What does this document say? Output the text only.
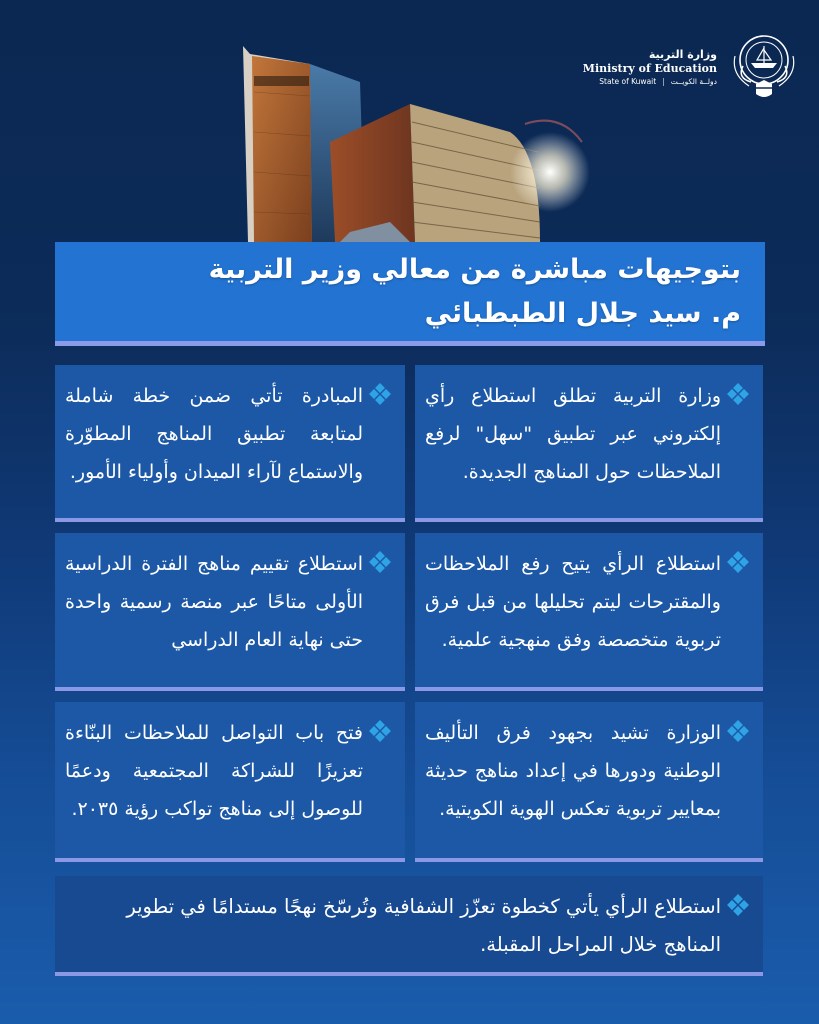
وزارة التربية
Ministry of Education
State of Kuwait | دولــة الكويــت
بتوجيهات مباشرة من معالي وزير التربية
م. سيد جلال الطبطبائي
وزارة التربية تطلق استطلاع رأي إلكتروني عبر تطبيق "سهل" لرفع الملاحظات حول المناهج الجديدة.
المبادرة تأتي ضمن خطة شاملة لمتابعة تطبيق المناهج المطوّرة والاستماع لآراء الميدان وأولياء الأمور.
استطلاع الرأي يتيح رفع الملاحظات والمقترحات ليتم تحليلها من قبل فرق تربوية متخصصة وفق منهجية علمية.
استطلاع تقييم مناهج الفترة الدراسية الأولى متاحًا عبر منصة رسمية واحدة حتى نهاية العام الدراسي
الوزارة تشيد بجهود فرق التأليف الوطنية ودورها في إعداد مناهج حديثة بمعايير تربوية تعكس الهوية الكويتية.
فتح باب التواصل للملاحظات البنّاءة تعزيزًا للشراكة المجتمعية ودعمًا للوصول إلى مناهج تواكب رؤية ٢٠٣٥.
استطلاع الرأي يأتي كخطوة تعزّز الشفافية وتُرسّخ نهجًا مستدامًا في تطوير المناهج خلال المراحل المقبلة.
